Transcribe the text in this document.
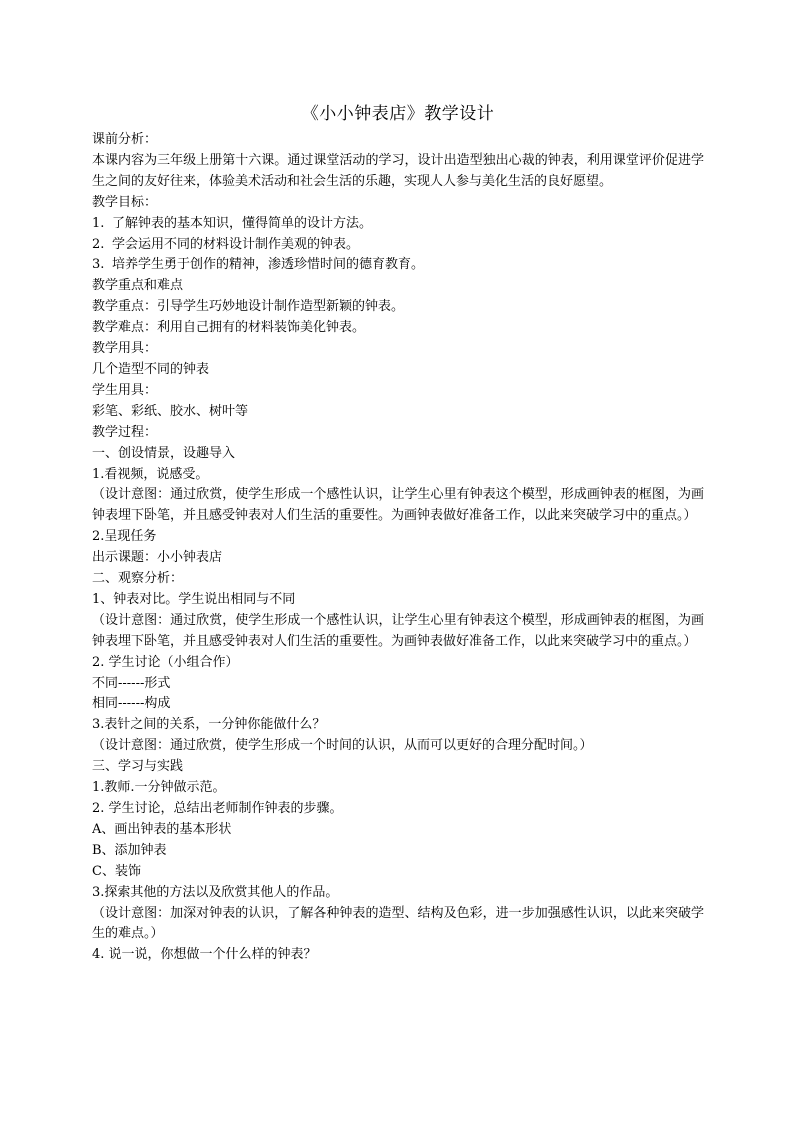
《小小钟表店》教学设计

课前分析：

本课内容为三年级上册第十六课。通过课堂活动的学习，设计出造型独出心裁的钟表，利用课堂评价促进学生之间的友好往来，体验美术活动和社会生活的乐趣，实现人人参与美化生活的良好愿望。

教学目标：

1. 了解钟表的基本知识，懂得简单的设计方法。

2. 学会运用不同的材料设计制作美观的钟表。

3. 培养学生勇于创作的精神，渗透珍惜时间的德育教育。

教学重点和难点

教学重点：引导学生巧妙地设计制作造型新颖的钟表。

教学难点：利用自己拥有的材料装饰美化钟表。

教学用具：

几个造型不同的钟表

学生用具：

彩笔、彩纸、胶水、树叶等

教学过程：

一、创设情景，设趣导入

1.看视频，说感受。

（设计意图：通过欣赏，使学生形成一个感性认识，让学生心里有钟表这个模型，形成画钟表的框图，为画钟表埋下卧笔，并且感受钟表对人们生活的重要性。为画钟表做好准备工作，以此来突破学习中的重点。）

2.呈现任务

出示课题：小小钟表店

二、观察分析：

1、钟表对比。学生说出相同与不同

（设计意图：通过欣赏，使学生形成一个感性认识，让学生心里有钟表这个模型，形成画钟表的框图，为画钟表埋下卧笔，并且感受钟表对人们生活的重要性。为画钟表做好准备工作，以此来突破学习中的重点。）

2. 学生讨论（小组合作）

不同------形式

相同------构成

3.表针之间的关系，一分钟你能做什么？

（设计意图：通过欣赏，使学生形成一个时间的认识，从而可以更好的合理分配时间。）

三、学习与实践

1.教师.一分钟做示范。

2. 学生讨论，总结出老师制作钟表的步骤。

A、画出钟表的基本形状

B、添加钟表

C、装饰

3.探索其他的方法以及欣赏其他人的作品。

（设计意图：加深对钟表的认识，了解各种钟表的造型、结构及色彩，进一步加强感性认识，以此来突破学生的难点。）

4. 说一说，你想做一个什么样的钟表？
